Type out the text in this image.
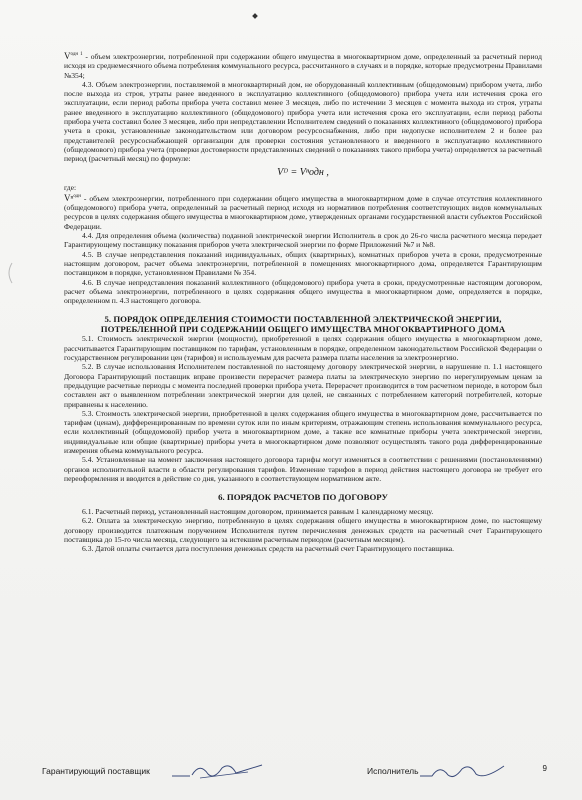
$V^{одн 1}$ - объем электроэнергии, потребленной при содержании общего имущества в многоквартирном доме, определенный за расчетный период исходя из среднемесячного объема потребления коммунального ресурса, рассчитанного в случаях и в порядке, которые предусмотрены Правилами №354;

4.3. Объем электроэнергии, поставляемой в многоквартирный дом, не оборудованный коллективным (общедомовым) прибором учета, либо после выхода из строя, утраты ранее введенного в эксплуатацию коллективного (общедомового) прибора учета или истечения срока его эксплуатации, если период работы прибора учета составил менее 3 месяцев, либо по истечении 3 месяцев с момента выхода из строя, утраты ранее введенного в эксплуатацию коллективного (общедомового) прибора учета или истечения срока его эксплуатации, если период работы прибора учета составил более 3 месяцев, либо при непредставлении Исполнителем сведений о показаниях коллективного (общедомового) прибора учета в сроки, установленные законодательством или договором ресурсоснабжения, либо при недопуске исполнителем 2 и более раз представителей ресурсоснабжающей организации для проверки состояния установленного и введенного в эксплуатацию коллективного (общедомового) прибора учета (проверки достоверности представленных сведений о показаниях такого прибора учета) определяется за расчетный период (расчетный месяц) по формуле:

Vᴰ = Vⁿодн ,

где:

Vⁿ$^{одн}$ - объем электроэнергии, потребленного при содержании общего имущества в многоквартирном доме в случае отсутствия коллективного (общедомового) прибора учета, определенный за расчетный период исходя из нормативов потребления соответствующих видов коммунальных ресурсов в целях содержания общего имущества в многоквартирном доме, утвержденных органами государственной власти субъектов Российской Федерации.

4.4. Для определения объема (количества) поданной электрической энергии Исполнитель в срок до 26-го числа расчетного месяца передает Гарантирующему поставщику показания приборов учета электрической энергии по форме Приложений №7 и №8.

4.5. В случае непредставления показаний индивидуальных, общих (квартирных), комнатных приборов учета в сроки, предусмотренные настоящим договором, расчет объема электроэнергии, потребленной в помещениях многоквартирного дома, определяется Гарантирующим поставщиком в порядке, установленном Правилами № 354.

4.6. В случае непредставления показаний коллективного (общедомового) прибора учета в сроки, предусмотренные настоящим договором, расчет объема электроэнергии, потребленного в целях содержания общего имущества в многоквартирном доме, определяется в порядке, определенном п. 4.3 настоящего договора.

5. ПОРЯДОК ОПРЕДЕЛЕНИЯ СТОИМОСТИ ПОСТАВЛЕННОЙ ЭЛЕКТРИЧЕСКОЙ ЭНЕРГИИ,

ПОТРЕБЛЕННОЙ ПРИ СОДЕРЖАНИИ ОБЩЕГО ИМУЩЕСТВА МНОГОКВАРТИРНОГО ДОМА

5.1. Стоимость электрической энергии (мощности), приобретенной в целях содержания общего имущества в многоквартирном доме, рассчитывается Гарантирующим поставщиком по тарифам, установленным в порядке, определенном законодательством Российской Федерации о государственном регулировании цен (тарифов) и используемым для расчета размера платы населения за электроэнергию.

5.2. В случае использования Исполнителем поставленной по настоящему договору электрической энергии, в нарушение п. 1.1 настоящего Договора Гарантирующий поставщик вправе произвести перерасчет размера платы за электрическую энергию по нерегулируемым ценам за предыдущие расчетные периоды с момента последней проверки прибора учета. Перерасчет производится в том расчетном периоде, в котором был составлен акт о выявленном потреблении электрической энергии для целей, не связанных с потреблением категорий потребителей, которые приравнены к населению.

5.3. Стоимость электрической энергии, приобретенной в целях содержания общего имущества в многоквартирном доме, рассчитывается по тарифам (ценам), дифференцированным по времени суток или по иным критериям, отражающим степень использования коммунального ресурса, если коллективный (общедомовой) прибор учета в многоквартирном доме, а также все комнатные приборы учета электрической энергии, индивидуальные или общие (квартирные) приборы учета в многоквартирном доме позволяют осуществлять такого рода дифференцированные измерения объема коммунального ресурса.

5.4. Установленные на момент заключения настоящего договора тарифы могут изменяться в соответствии с решениями (постановлениями) органов исполнительной власти в области регулирования тарифов. Изменение тарифов в период действия настоящего договора не требует его переоформления и вводится в действие со дня, указанного в соответствующем нормативном акте.

6. ПОРЯДОК РАСЧЕТОВ ПО ДОГОВОРУ

6.1. Расчетный период, установленный настоящим договором, принимается равным 1 календарному месяцу.

6.2. Оплата за электрическую энергию, потребленную в целях содержания общего имущества в многоквартирном доме, по настоящему договору производится платежным поручением Исполнителя путем перечисления денежных средств на расчетный счет Гарантирующего поставщика до 15-го числа месяца, следующего за истекшим расчетным периодом (расчетным месяцем).

6.3. Датой оплаты считается дата поступления денежных средств на расчетный счет Гарантирующего поставщика.

Гарантирующий поставщик	Исполнитель	9
